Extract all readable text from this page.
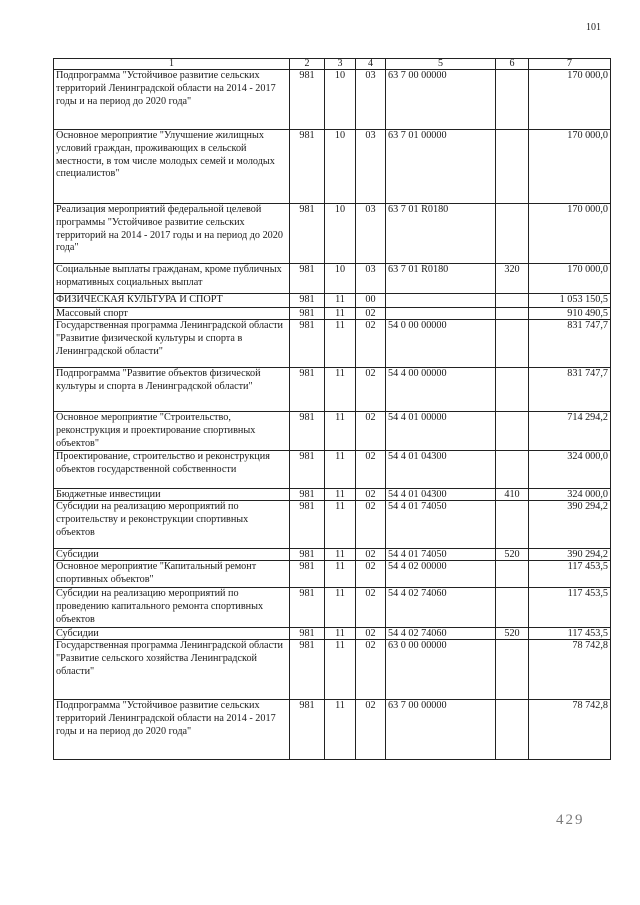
101
1	2	3	4	5	6	7
Подпрограмма "Устойчивое развитие сельских территорий Ленинградской области на 2014 - 2017 годы и на период до 2020 года"	981	10	03	63 7 00 00000		170 000,0
Основное мероприятие "Улучшение жилищных условий граждан, проживающих в сельской местности, в том числе молодых семей и молодых специалистов"	981	10	03	63 7 01 00000		170 000,0
Реализация мероприятий федеральной целевой программы "Устойчивое развитие сельских территорий на 2014 - 2017 годы и на период до 2020 года"	981	10	03	63 7 01 R0180		170 000,0
Социальные выплаты гражданам, кроме публичных нормативных социальных выплат	981	10	03	63 7 01 R0180	320	170 000,0
ФИЗИЧЕСКАЯ КУЛЬТУРА И СПОРТ	981	11	00			1 053 150,5
Массовый спорт	981	11	02			910 490,5
Государственная программа Ленинградской области "Развитие физической культуры и спорта в Ленинградской области"	981	11	02	54 0 00 00000		831 747,7
Подпрограмма "Развитие объектов физической культуры и спорта в Ленинградской области"	981	11	02	54 4 00 00000		831 747,7
Основное мероприятие "Строительство, реконструкция и проектирование спортивных объектов"	981	11	02	54 4 01 00000		714 294,2
Проектирование, строительство и реконструкция объектов государственной собственности	981	11	02	54 4 01 04300		324 000,0
Бюджетные инвестиции	981	11	02	54 4 01 04300	410	324 000,0
Субсидии на реализацию мероприятий по строительству и реконструкции спортивных объектов	981	11	02	54 4 01 74050		390 294,2
Субсидии	981	11	02	54 4 01 74050	520	390 294,2
Основное мероприятие "Капитальный ремонт спортивных объектов"	981	11	02	54 4 02 00000		117 453,5
Субсидии на реализацию мероприятий по проведению капитального ремонта спортивных объектов	981	11	02	54 4 02 74060		117 453,5
Субсидии	981	11	02	54 4 02 74060	520	117 453,5
Государственная программа Ленинградской области "Развитие сельского хозяйства Ленинградской области"	981	11	02	63 0 00 00000		78 742,8
Подпрограмма "Устойчивое развитие сельских территорий Ленинградской области на 2014 - 2017 годы и на период до 2020 года"	981	11	02	63 7 00 00000		78 742,8
429
